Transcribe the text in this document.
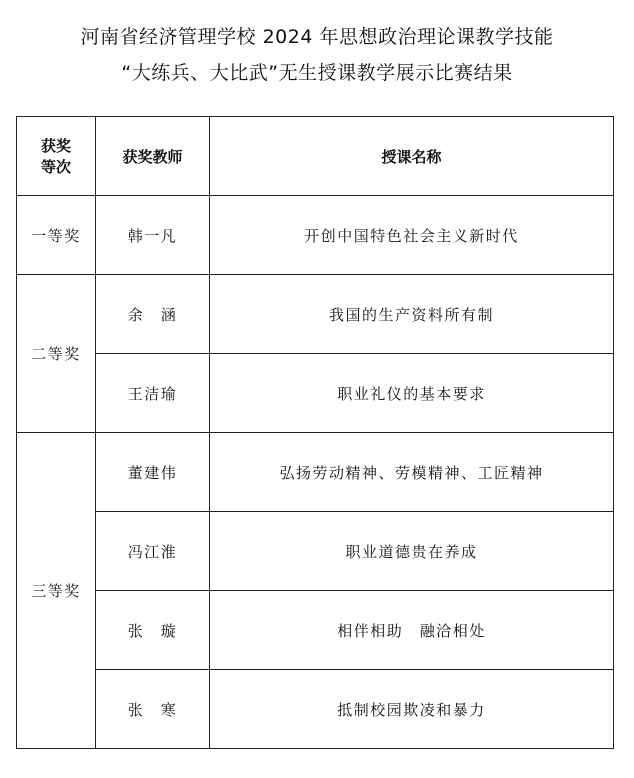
河南省经济管理学校 2024 年思想政治理论课教学技能
“大练兵、大比武”无生授课教学展示比赛结果
获奖
等次	获奖教师	授课名称
一等奖	韩一凡	开创中国特色社会主义新时代
二等奖	余　涵	我国的生产资料所有制
	王洁瑜	职业礼仪的基本要求
三等奖	董建伟	弘扬劳动精神、劳模精神、工匠精神
	冯江淮	职业道德贵在养成
	张　璇	相伴相助　融洽相处
	张　寒	抵制校园欺凌和暴力
